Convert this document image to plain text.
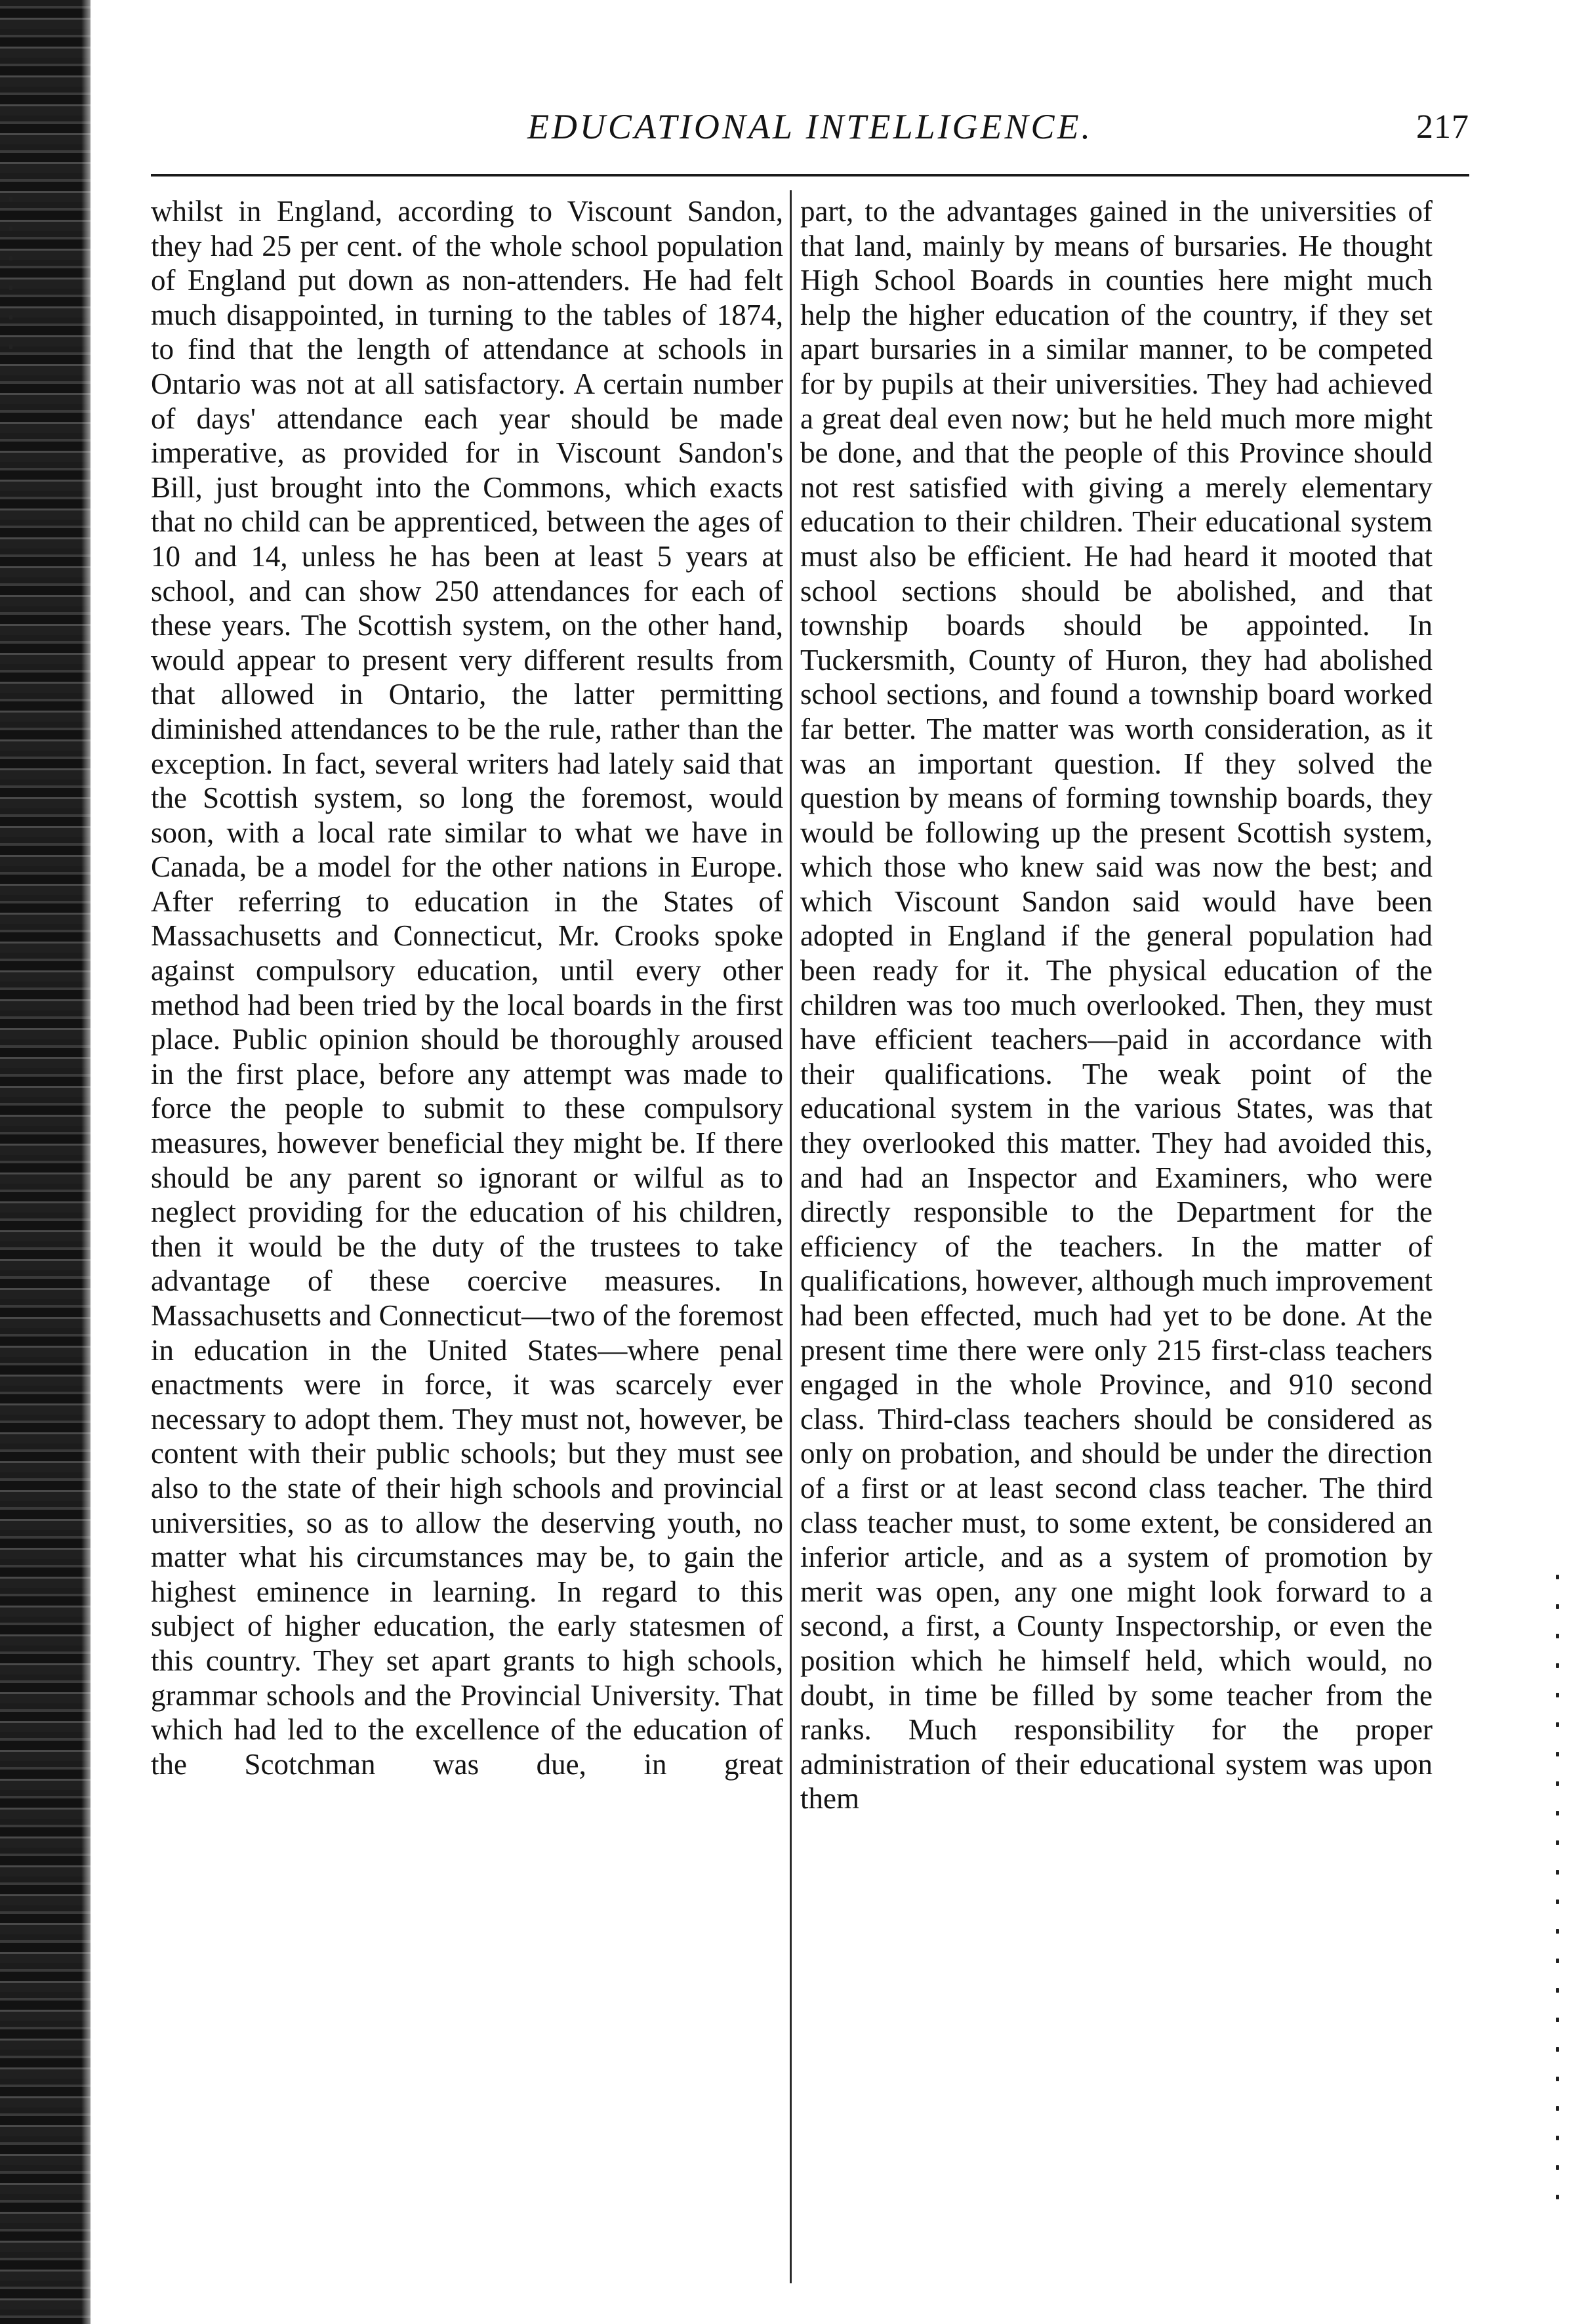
EDUCATIONAL INTELLIGENCE.	217

whilst in England, according to Viscount Sandon, they had 25 per cent. of the whole school population of England put down as non-attenders. He had felt much disappointed, in turning to the tables of 1874, to find that the length of attendance at schools in Ontario was not at all satisfactory. A certain number of days' attendance each year should be made imperative, as provided for in Viscount Sandon's Bill, just brought into the Commons, which exacts that no child can be apprenticed, between the ages of 10 and 14, unless he has been at least 5 years at school, and can show 250 attendances for each of these years. The Scottish system, on the other hand, would appear to present very different results from that allowed in Ontario, the latter permitting diminished attendances to be the rule, rather than the exception. In fact, several writers had lately said that the Scottish system, so long the foremost, would soon, with a local rate similar to what we have in Canada, be a model for the other nations in Europe. After referring to education in the States of Massachusetts and Connecticut, Mr. Crooks spoke against compulsory education, until every other method had been tried by the local boards in the first place. Public opinion should be thoroughly aroused in the first place, before any attempt was made to force the people to submit to these compulsory measures, however beneficial they might be. If there should be any parent so ignorant or wilful as to neglect providing for the education of his children, then it would be the duty of the trustees to take advantage of these coercive measures. In Massachusetts and Connecticut—two of the foremost in education in the United States—where penal enactments were in force, it was scarcely ever necessary to adopt them. They must not, however, be content with their public schools; but they must see also to the state of their high schools and provincial universities, so as to allow the deserving youth, no matter what his circumstances may be, to gain the highest eminence in learning. In regard to this subject of higher education, the early statesmen of this country. They set apart grants to high schools, grammar schools and the Provincial University. That which had led to the excellence of the education of the Scotchman was due, in great

part, to the advantages gained in the universities of that land, mainly by means of bursaries. He thought High School Boards in counties here might much help the higher education of the country, if they set apart bursaries in a similar manner, to be competed for by pupils at their universities. They had achieved a great deal even now; but he held much more might be done, and that the people of this Province should not rest satisfied with giving a merely elementary education to their children. Their educational system must also be efficient. He had heard it mooted that school sections should be abolished, and that township boards should be appointed. In Tuckersmith, County of Huron, they had abolished school sections, and found a township board worked far better. The matter was worth consideration, as it was an important question. If they solved the question by means of forming township boards, they would be following up the present Scottish system, which those who knew said was now the best; and which Viscount Sandon said would have been adopted in England if the general population had been ready for it. The physical education of the children was too much overlooked. Then, they must have efficient teachers—paid in accordance with their qualifications. The weak point of the educational system in the various States, was that they overlooked this matter. They had avoided this, and had an Inspector and Examiners, who were directly responsible to the Department for the efficiency of the teachers. In the matter of qualifications, however, although much improvement had been effected, much had yet to be done. At the present time there were only 215 first-class teachers engaged in the whole Province, and 910 second class. Third-class teachers should be considered as only on probation, and should be under the direction of a first or at least second class teacher. The third class teacher must, to some extent, be considered an inferior article, and as a system of promotion by merit was open, any one might look forward to a second, a first, a County Inspectorship, or even the position which he himself held, which would, no doubt, in time be filled by some teacher from the ranks. Much responsibility for the proper administration of their educational system was upon them
